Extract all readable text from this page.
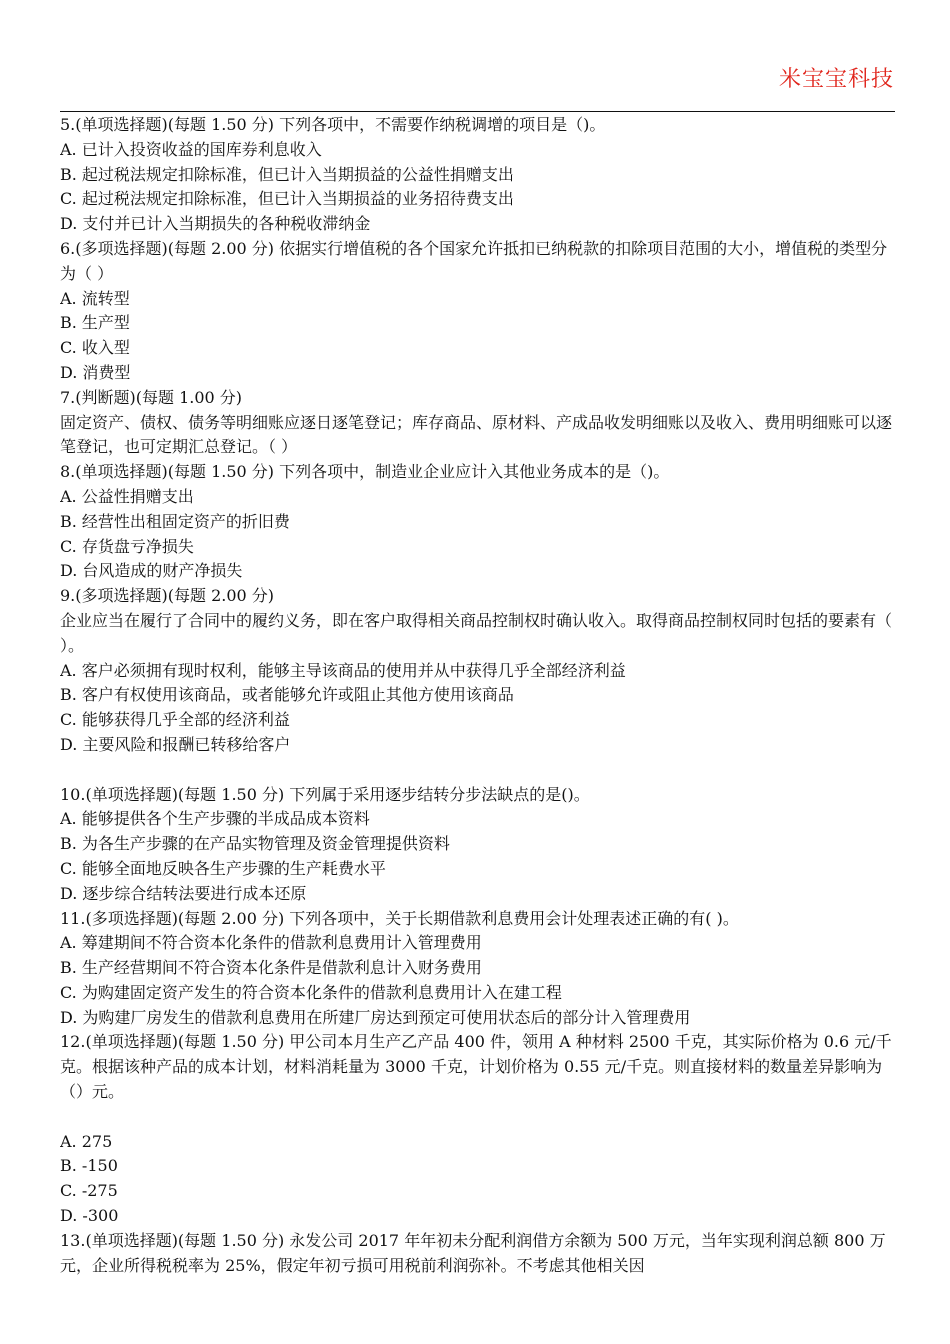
米宝宝科技
5.(单项选择题)(每题 1.50 分) 下列各项中，不需要作纳税调增的项目是（)。
A. 已计入投资收益的国库券利息收入
B. 起过税法规定扣除标准，但已计入当期损益的公益性捐赠支出
C. 起过税法规定扣除标准，但已计入当期损益的业务招待费支出
D. 支付并已计入当期损失的各种税收滞纳金
6.(多项选择题)(每题 2.00 分) 依据实行增值税的各个国家允许抵扣已纳税款的扣除项目范围的大小，增值税的类型分为（ ）
A. 流转型
B. 生产型
C. 收入型
D. 消费型
7.(判断题)(每题 1.00 分)
固定资产、债权、债务等明细账应逐日逐笔登记；库存商品、原材料、产成品收发明细账以及收入、费用明细账可以逐笔登记，也可定期汇总登记。（ ）
8.(单项选择题)(每题 1.50 分) 下列各项中，制造业企业应计入其他业务成本的是（)。
A. 公益性捐赠支出
B. 经营性出租固定资产的折旧费
C. 存货盘亏净损失
D. 台风造成的财产净损失
9.(多项选择题)(每题 2.00 分)
企业应当在履行了合同中的履约义务，即在客户取得相关商品控制权时确认收入。取得商品控制权同时包括的要素有（ ）。
A. 客户必须拥有现时权利，能够主导该商品的使用并从中获得几乎全部经济利益
B. 客户有权使用该商品，或者能够允许或阻止其他方使用该商品
C. 能够获得几乎全部的经济利益
D. 主要风险和报酬已转移给客户
10.(单项选择题)(每题 1.50 分) 下列属于采用逐步结转分步法缺点的是()。
A. 能够提供各个生产步骤的半成品成本资料
B. 为各生产步骤的在产品实物管理及资金管理提供资料
C. 能够全面地反映各生产步骤的生产耗费水平
D. 逐步综合结转法要进行成本还原
11.(多项选择题)(每题 2.00 分) 下列各项中，关于长期借款利息费用会计处理表述正确的有( )。
A. 筹建期间不符合资本化条件的借款利息费用计入管理费用
B. 生产经营期间不符合资本化条件是借款利息计入财务费用
C. 为购建固定资产发生的符合资本化条件的借款利息费用计入在建工程
D. 为购建厂房发生的借款利息费用在所建厂房达到预定可使用状态后的部分计入管理费用
12.(单项选择题)(每题 1.50 分) 甲公司本月生产乙产品 400 件，领用 A 种材料 2500 千克，其实际价格为 0.6 元/千克。根据该种产品的成本计划，材料消耗量为 3000 千克，计划价格为 0.55 元/千克。则直接材料的数量差异影响为（）元。
A. 275
B. -150
C. -275
D. -300
13.(单项选择题)(每题 1.50 分) 永发公司 2017 年年初未分配利润借方余额为 500 万元，当年实现利润总额 800 万元，企业所得税税率为 25%，假定年初亏损可用税前利润弥补。不考虑其他相关因
